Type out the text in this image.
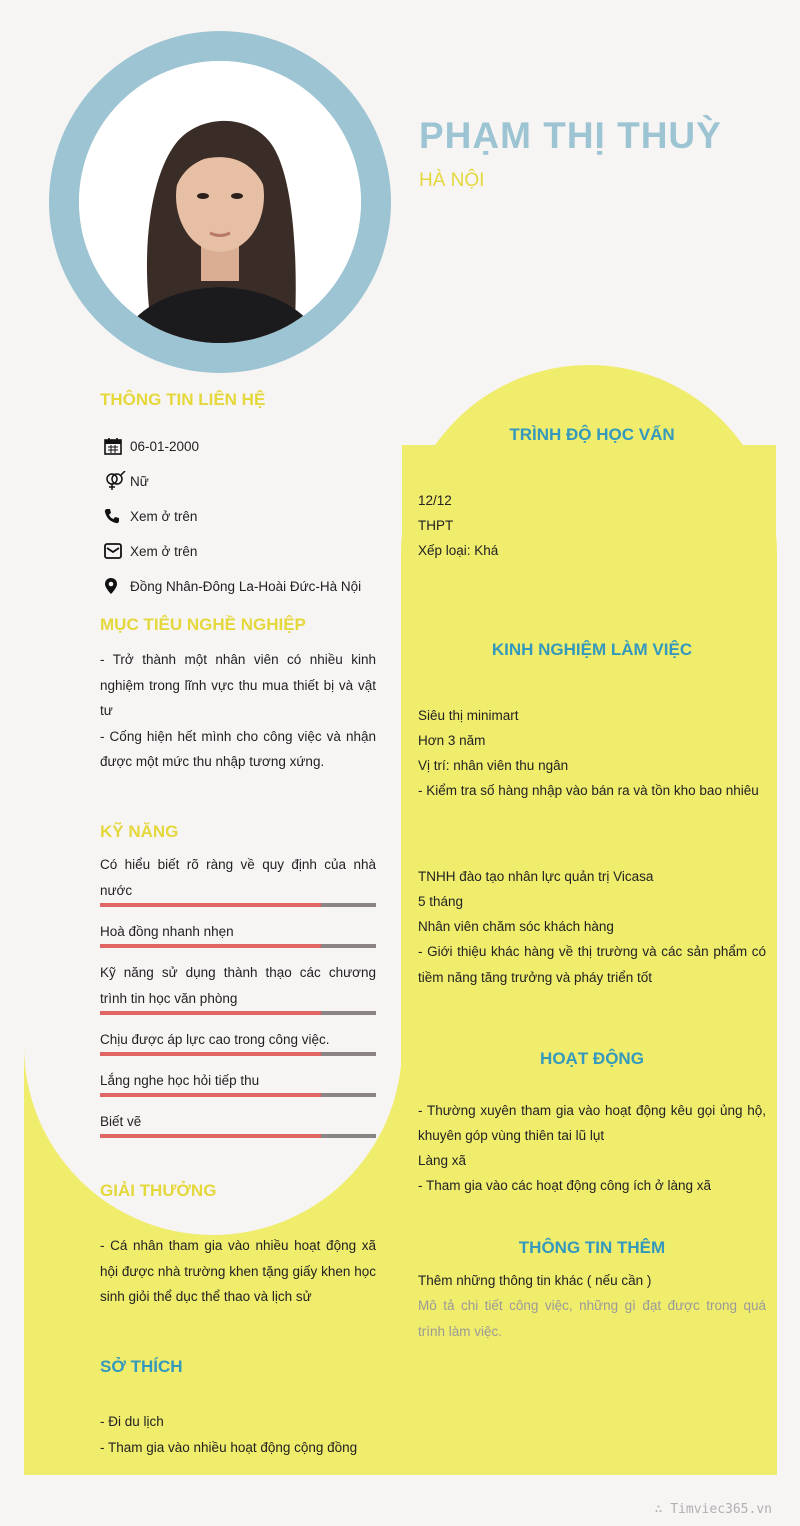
PHẠM THỊ THUỲ
HÀ NỘI
THÔNG TIN LIÊN HỆ
06-01-2000
Nữ
Xem ở trên
Xem ở trên
Đồng Nhân-Đông La-Hoài Đức-Hà Nội
MỤC TIÊU NGHỀ NGHIỆP
- Trở thành một nhân viên có nhiều kinh nghiệm trong lĩnh vực thu mua thiết bị và vật tư
- Cống hiện hết mình cho công việc và nhận được một mức thu nhập tương xứng.
KỸ NĂNG
Có hiểu biết rõ ràng về quy định của nhà nước
Hoà đồng nhanh nhẹn
Kỹ năng sử dụng thành thạo các chương trình tin học văn phòng
Chịu được áp lực cao trong công việc.
Lắng nghe học hỏi tiếp thu
Biết vẽ
GIẢI THƯỞNG
- Cá nhân tham gia vào nhiều hoạt động xã hội được nhà trường khen tặng giấy khen học sinh giỏi thể dục thể thao và lịch sử
SỞ THÍCH
- Đi du lịch
- Tham gia vào nhiều hoạt động cộng đồng
TRÌNH ĐỘ HỌC VẤN
12/12
THPT
Xếp loại: Khá
KINH NGHIỆM LÀM VIỆC
Siêu thị minimart
Hơn 3 năm
Vị trí: nhân viên thu ngân
- Kiểm tra số hàng nhập vào bán ra và tồn kho bao nhiêu
TNHH đào tạo nhân lực quản trị Vicasa
5 tháng
Nhân viên chăm sóc khách hàng
- Giới thiệu khác hàng về thị trường và các sản phẩm có tiềm năng tăng trưởng và pháy triển tốt
HOẠT ĐỘNG
- Thường xuyên tham gia vào hoạt động kêu gọi ủng hộ, khuyên góp vùng thiên tai lũ lụt
Làng xã
- Tham gia vào các hoạt động công ích ở làng xã
THÔNG TIN THÊM
Thêm những thông tin khác ( nếu cần )
Mô tả chi tiết công việc, những gì đạt được trong quá trình làm việc.
∴ Timviec365.vn
